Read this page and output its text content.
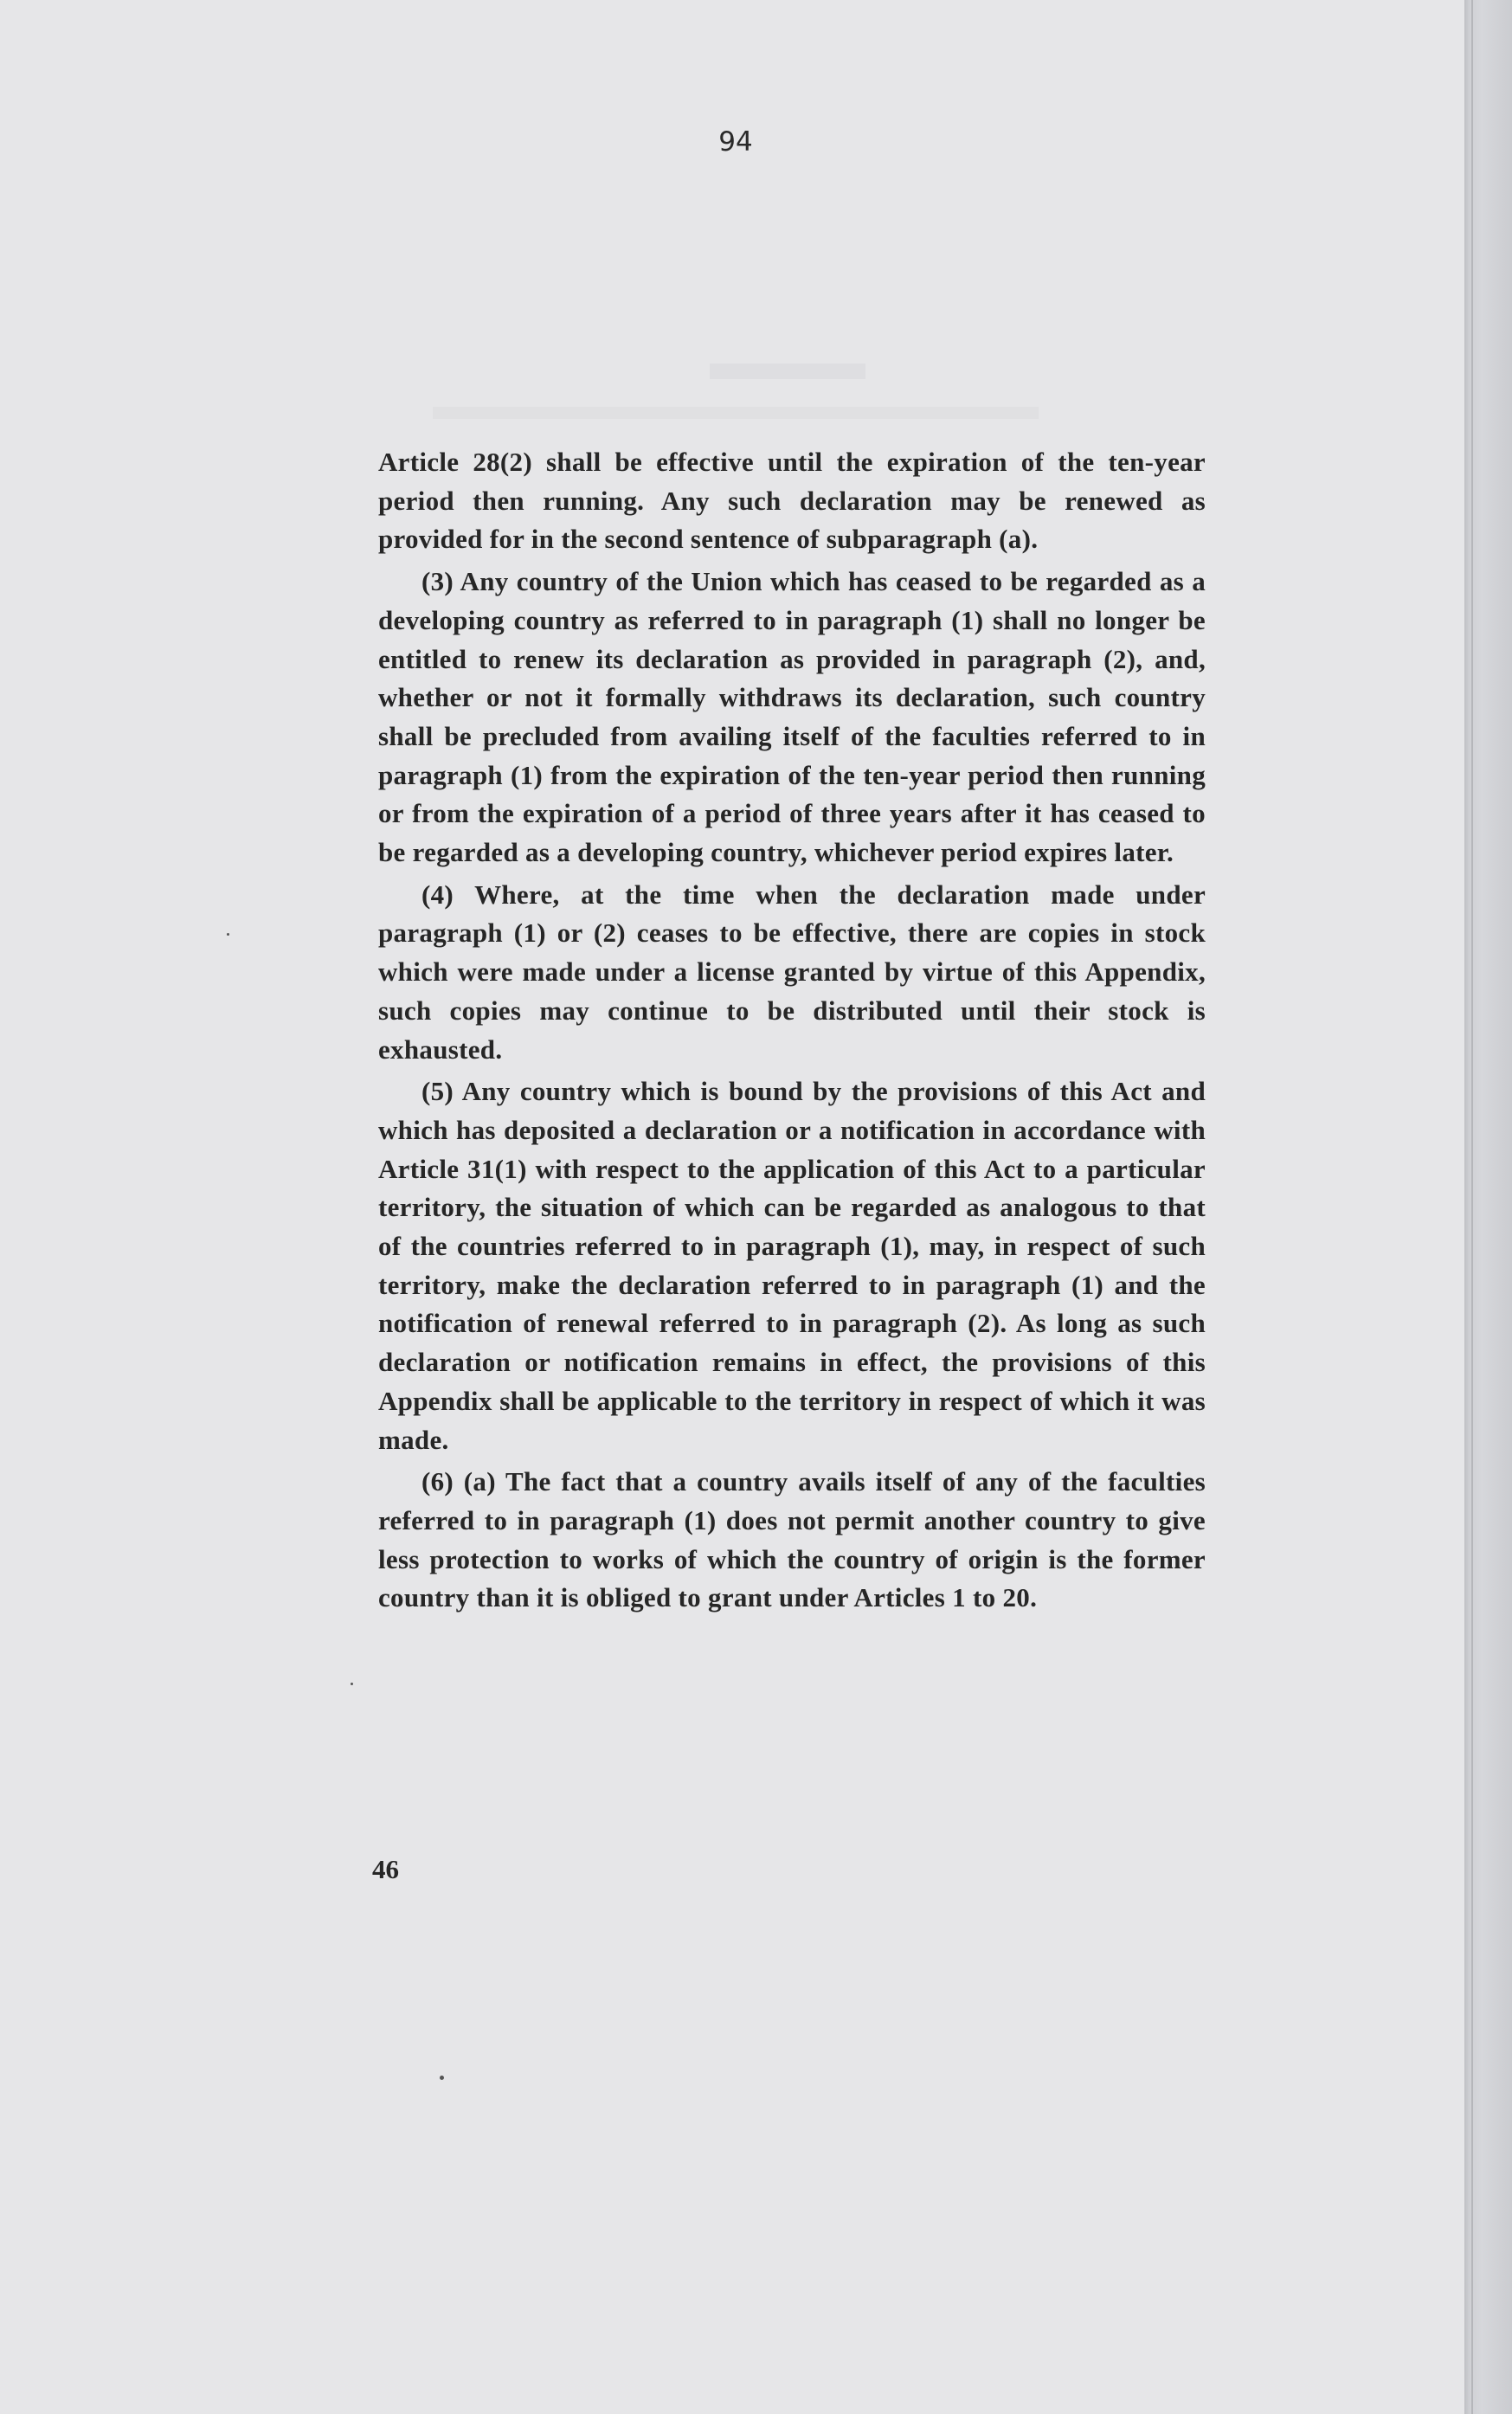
94

Article 28(2) shall be effective until the expiration of the ten-year period then running. Any such declaration may be renewed as provided for in the second sentence of subparagraph (a).

(3) Any country of the Union which has ceased to be regarded as a developing country as referred to in paragraph (1) shall no longer be entitled to renew its declaration as provided in paragraph (2), and, whether or not it formally withdraws its declaration, such country shall be precluded from availing itself of the faculties referred to in paragraph (1) from the expiration of the ten-year period then running or from the expiration of a period of three years after it has ceased to be regarded as a developing country, whichever period expires later.

(4) Where, at the time when the declaration made under paragraph (1) or (2) ceases to be effective, there are copies in stock which were made under a license granted by virtue of this Appendix, such copies may continue to be distributed until their stock is exhausted.

(5) Any country which is bound by the provisions of this Act and which has deposited a declaration or a notification in accordance with Article 31(1) with respect to the application of this Act to a particular territory, the situation of which can be regarded as analogous to that of the countries referred to in paragraph (1), may, in respect of such territory, make the declaration referred to in paragraph (1) and the notification of renewal referred to in paragraph (2). As long as such declaration or notification remains in effect, the provisions of this Appendix shall be applicable to the territory in respect of which it was made.

(6) (a) The fact that a country avails itself of any of the faculties referred to in paragraph (1) does not permit another country to give less protection to works of which the country of origin is the former country than it is obliged to grant under Articles 1 to 20.

46
